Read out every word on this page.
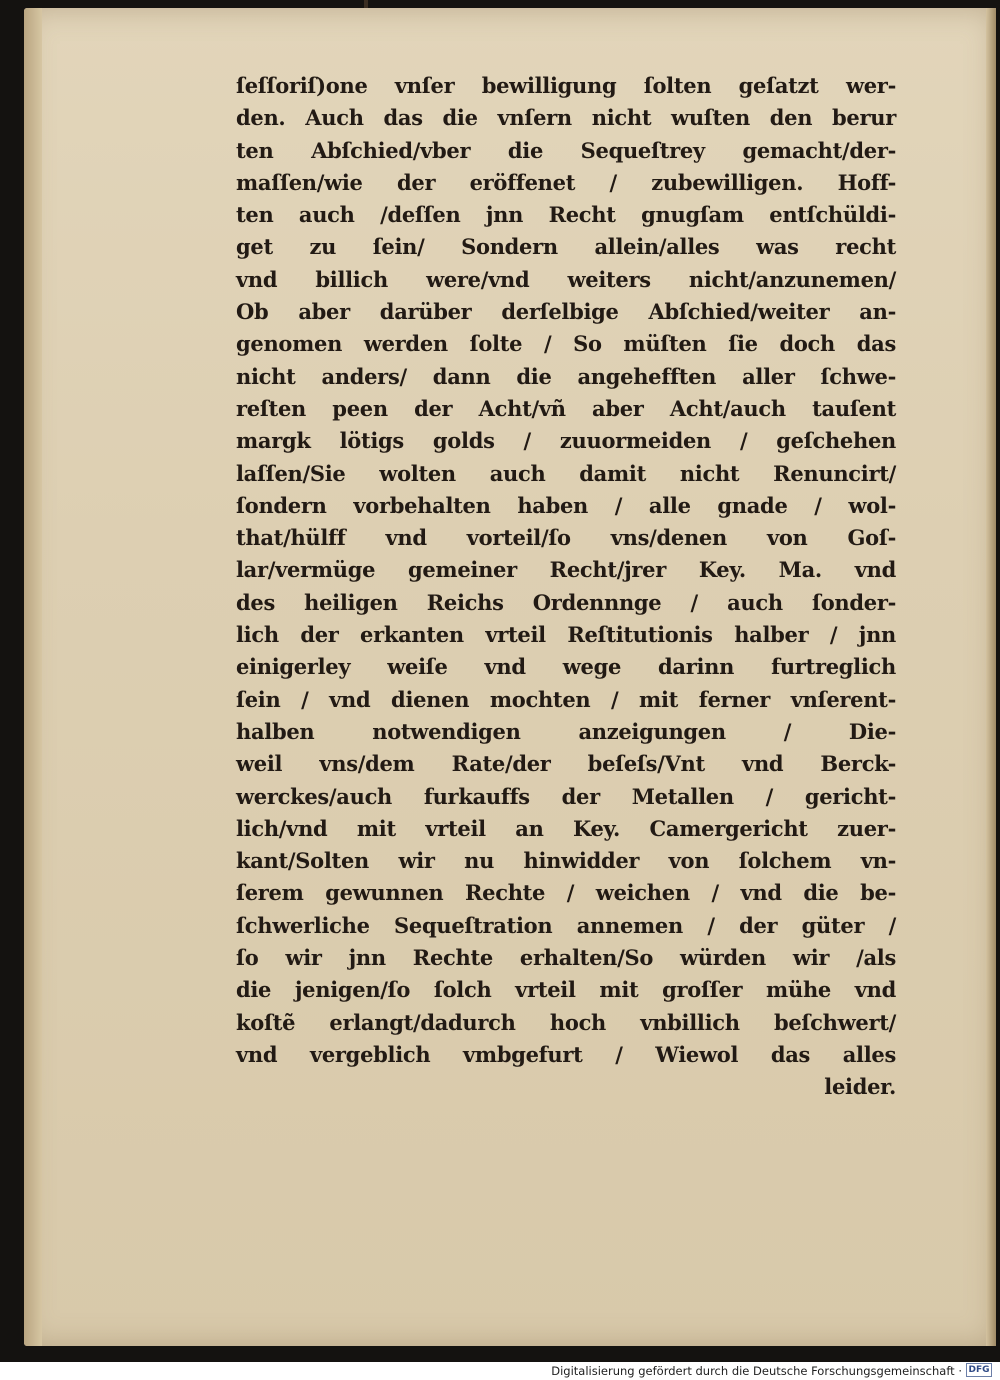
ſeſſoriſ)one vnſer bewilligung ſolten geſatzt wer-
den. Auch das die vnſern nicht wuſten den berur
ten Abſchied/vber die Sequeſtrey gemacht/der-
maſſen/wie der eröffenet / zubewilligen. Hoff-
ten auch /deſſen jnn Recht gnugſam entſchüldi-
get zu ſein/ Sondern allein/alles was recht
vnd billich were/vnd weiters nicht/anzunemen/
Ob aber darüber derſelbige Abſchied/weiter an-
genomen werden ſolte / So müſten ſie doch das
nicht anders/ dann die angehefften aller ſchwe-
reſten peen der Acht/vñ aber Acht/auch tauſent
margk lötigs golds / zuuormeiden / geſchehen
laſſen/Sie wolten auch damit nicht Renuncirt/
ſondern vorbehalten haben / alle gnade / wol-
that/hülff vnd vorteil/ſo vns/denen von Goſ-
lar/vermüge gemeiner Recht/jrer Key. Ma. vnd
des heiligen Reichs Ordennnge / auch ſonder-
lich der erkanten vrteil Reſtitutionis halber / jnn
einigerley weiſe vnd wege darinn furtreglich
ſein / vnd dienen mochten / mit ferner vnſerent-
halben notwendigen anzeigungen / Die-
weil vns/dem Rate/der beſeſs/Vnt vnd Berck-
werckes/auch furkauffs der Metallen / gericht-
lich/vnd mit vrteil an Key. Camergericht zuer-
kant/Solten wir nu hinwidder von ſolchem vn-
ſerem gewunnen Rechte / weichen / vnd die be-
ſchwerliche Sequeſtration annemen / der güter /
ſo wir jnn Rechte erhalten/So würden wir /als
die jenigen/ſo ſolch vrteil mit groſſer mühe vnd
koſtẽ erlangt/dadurch hoch vnbillich beſchwert/
vnd vergeblich vmbgefurt / Wiewol das alles
leider.
Digitalisierung gefördert durch die Deutsche Forschungsgemeinschaft · DFG
